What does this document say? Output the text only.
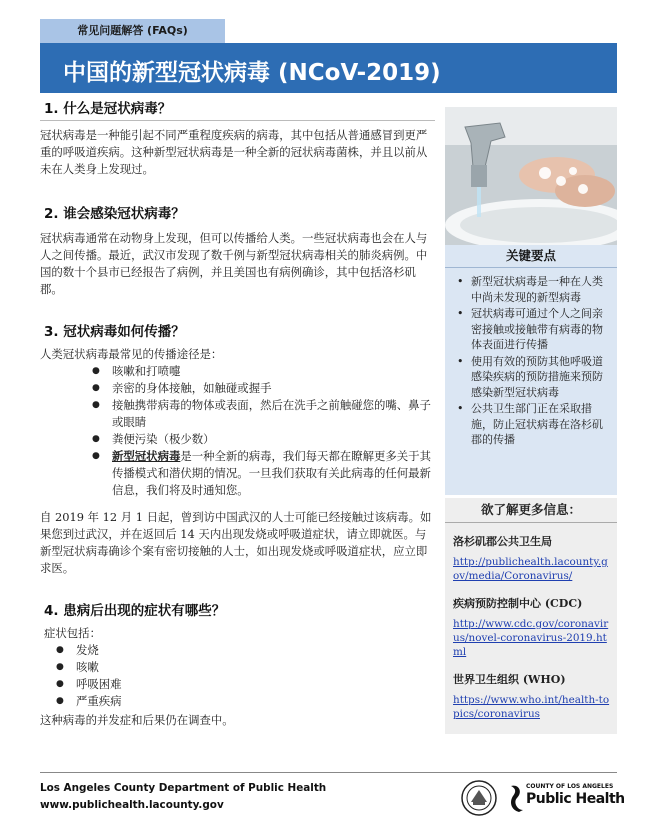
常见问题解答 (FAQs)
中国的新型冠状病毒 (NCoV-2019)
1. 什么是冠状病毒？

冠状病毒是一种能引起不同严重程度疾病的病毒，其中包括从普通感冒到更严重的呼吸道疾病。这种新型冠状病毒是一种全新的冠状病毒菌株，并且以前从未在人类身上发现过。

2. 谁会感染冠状病毒？

冠状病毒通常在动物身上发现，但可以传播给人类。一些冠状病毒也会在人与人之间传播。最近，武汉市发现了数千例与新型冠状病毒相关的肺炎病例。中国的数十个县市已经报告了病例，并且美国也有病例确诊，其中包括洛杉矶郡。

3. 冠状病毒如何传播？

人类冠状病毒最常见的传播途径是：

● 咳嗽和打喷嚏
● 亲密的身体接触，如触碰或握手
● 接触携带病毒的物体或表面，然后在洗手之前触碰您的嘴、鼻子或眼睛
● 粪便污染（极少数）
● 新型冠状病毒是一种全新的病毒，我们每天都在瞭解更多关于其传播模式和潜伏期的情况。一旦我们获取有关此病毒的任何最新信息，我们将及时通知您。

自 2019 年 12 月 1 日起，曾到访中国武汉的人士可能已经接触过该病毒。如果您到过武汉，并在返回后 14 天内出现发烧或呼吸道症状，请立即就医。与新型冠状病毒确诊个案有密切接触的人士，如出现发烧或呼吸道症状，应立即求医。

4. 患病后出现的症状有哪些？

症状包括：

● 发烧
● 咳嗽
● 呼吸困难
● 严重疾病

这种病毒的并发症和后果仍在调查中。

关键要点
• 新型冠状病毒是一种在人类中尚未发现的新型病毒
• 冠状病毒可通过个人之间亲密接触或接触带有病毒的物体表面进行传播
• 使用有效的预防其他呼吸道感染疾病的预防措施来预防感染新型冠状病毒
• 公共卫生部门正在采取措施，防止冠状病毒在洛杉矶郡的传播
欲了解更多信息：
洛杉矶郡公共卫生局
http://publichealth.lacounty.gov/media/Coronavirus/
疾病预防控制中心 (CDC)
http://www.cdc.gov/coronavirus/novel-coronavirus-2019.html
世界卫生组织 (WHO)
https://www.who.int/health-topics/coronavirus
Los Angeles County Department of Public Health
www.publichealth.lacounty.gov
COUNTY OF LOS ANGELES
Public Health
